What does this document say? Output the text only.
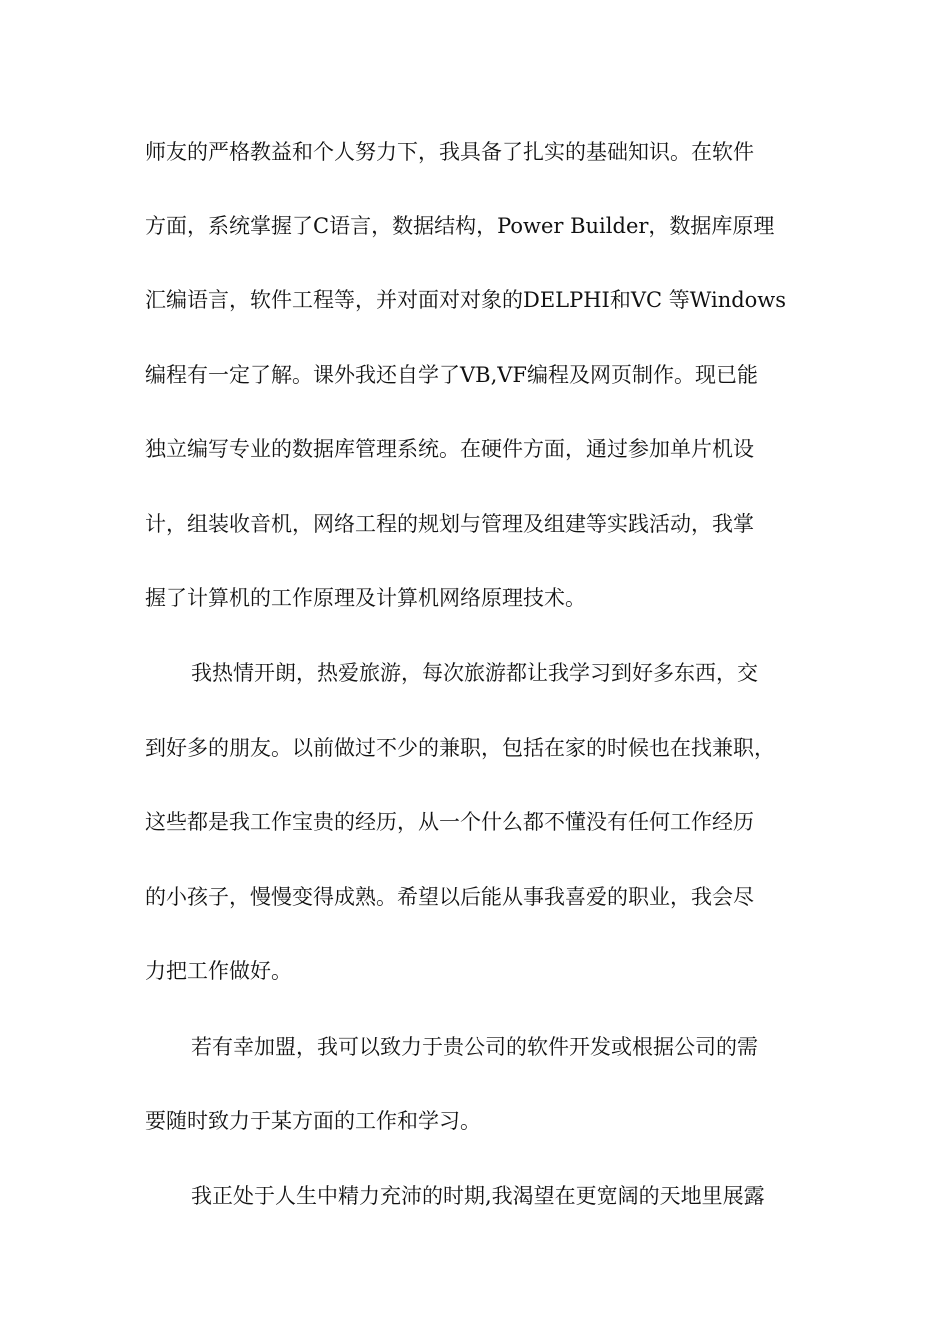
师友的严格教益和个人努力下，我具备了扎实的基础知识。在软件
方面，系统掌握了C语言，数据结构，Power Builder，数据库原理
汇编语言，软件工程等，并对面对对象的DELPHI和VC 等Windows
编程有一定了解。课外我还自学了VB,VF编程及网页制作。现已能
独立编写专业的数据库管理系统。在硬件方面，通过参加单片机设
计，组装收音机，网络工程的规划与管理及组建等实践活动，我掌
握了计算机的工作原理及计算机网络原理技术。
我热情开朗，热爱旅游，每次旅游都让我学习到好多东西，交
到好多的朋友。以前做过不少的兼职，包括在家的时候也在找兼职，
这些都是我工作宝贵的经历，从一个什么都不懂没有任何工作经历
的小孩子，慢慢变得成熟。希望以后能从事我喜爱的职业，我会尽
力把工作做好。
若有幸加盟，我可以致力于贵公司的软件开发或根据公司的需
要随时致力于某方面的工作和学习。
我正处于人生中精力充沛的时期,我渴望在更宽阔的天地里展露
